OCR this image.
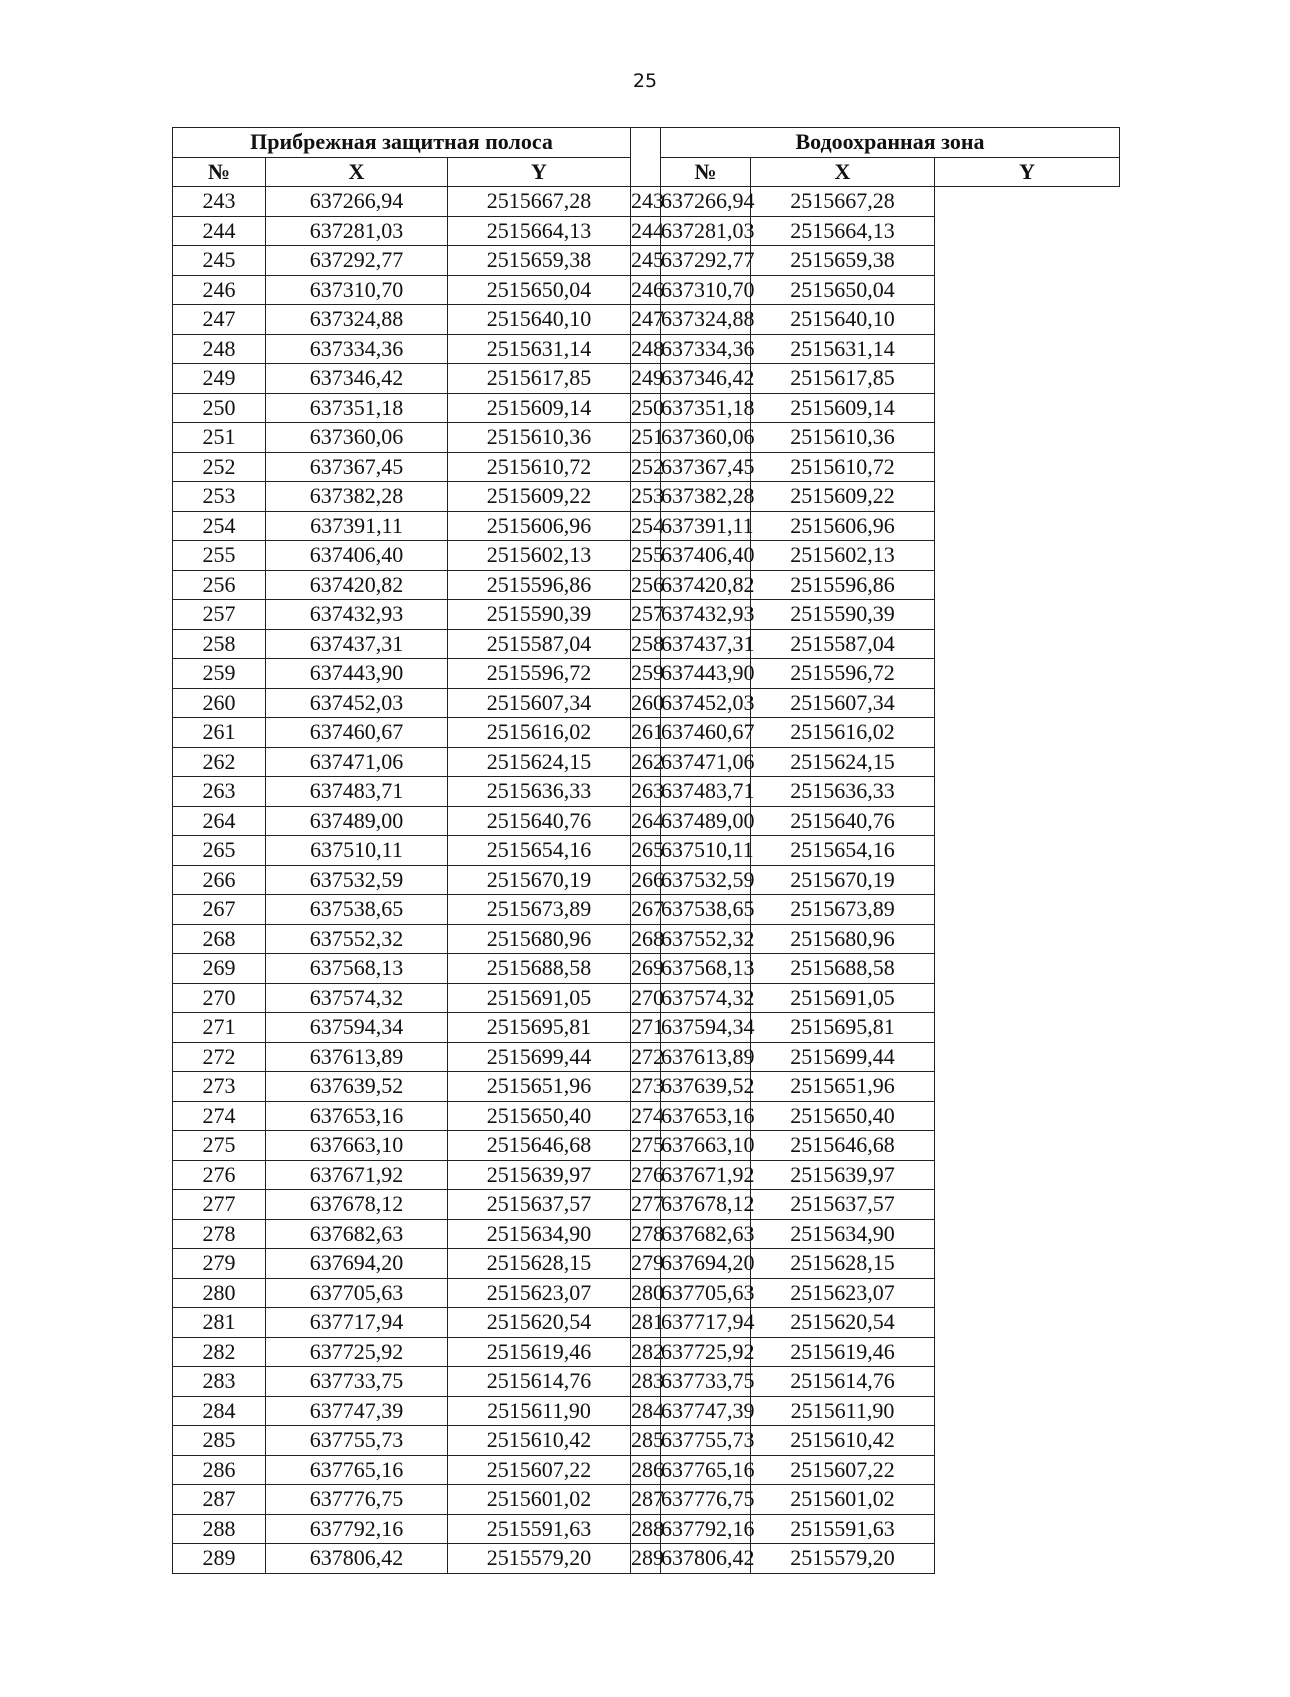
25
Прибрежная защитная полоса				Водоохранная зона		
№	X	Y		№	X	Y
243	637266,94	2515667,28	243	637266,94	2515667,28	
244	637281,03	2515664,13	244	637281,03	2515664,13	
245	637292,77	2515659,38	245	637292,77	2515659,38	
246	637310,70	2515650,04	246	637310,70	2515650,04	
247	637324,88	2515640,10	247	637324,88	2515640,10	
248	637334,36	2515631,14	248	637334,36	2515631,14	
249	637346,42	2515617,85	249	637346,42	2515617,85	
250	637351,18	2515609,14	250	637351,18	2515609,14	
251	637360,06	2515610,36	251	637360,06	2515610,36	
252	637367,45	2515610,72	252	637367,45	2515610,72	
253	637382,28	2515609,22	253	637382,28	2515609,22	
254	637391,11	2515606,96	254	637391,11	2515606,96	
255	637406,40	2515602,13	255	637406,40	2515602,13	
256	637420,82	2515596,86	256	637420,82	2515596,86	
257	637432,93	2515590,39	257	637432,93	2515590,39	
258	637437,31	2515587,04	258	637437,31	2515587,04	
259	637443,90	2515596,72	259	637443,90	2515596,72	
260	637452,03	2515607,34	260	637452,03	2515607,34	
261	637460,67	2515616,02	261	637460,67	2515616,02	
262	637471,06	2515624,15	262	637471,06	2515624,15	
263	637483,71	2515636,33	263	637483,71	2515636,33	
264	637489,00	2515640,76	264	637489,00	2515640,76	
265	637510,11	2515654,16	265	637510,11	2515654,16	
266	637532,59	2515670,19	266	637532,59	2515670,19	
267	637538,65	2515673,89	267	637538,65	2515673,89	
268	637552,32	2515680,96	268	637552,32	2515680,96	
269	637568,13	2515688,58	269	637568,13	2515688,58	
270	637574,32	2515691,05	270	637574,32	2515691,05	
271	637594,34	2515695,81	271	637594,34	2515695,81	
272	637613,89	2515699,44	272	637613,89	2515699,44	
273	637639,52	2515651,96	273	637639,52	2515651,96	
274	637653,16	2515650,40	274	637653,16	2515650,40	
275	637663,10	2515646,68	275	637663,10	2515646,68	
276	637671,92	2515639,97	276	637671,92	2515639,97	
277	637678,12	2515637,57	277	637678,12	2515637,57	
278	637682,63	2515634,90	278	637682,63	2515634,90	
279	637694,20	2515628,15	279	637694,20	2515628,15	
280	637705,63	2515623,07	280	637705,63	2515623,07	
281	637717,94	2515620,54	281	637717,94	2515620,54	
282	637725,92	2515619,46	282	637725,92	2515619,46	
283	637733,75	2515614,76	283	637733,75	2515614,76	
284	637747,39	2515611,90	284	637747,39	2515611,90	
285	637755,73	2515610,42	285	637755,73	2515610,42	
286	637765,16	2515607,22	286	637765,16	2515607,22	
287	637776,75	2515601,02	287	637776,75	2515601,02	
288	637792,16	2515591,63	288	637792,16	2515591,63	
289	637806,42	2515579,20	289	637806,42	2515579,20	
